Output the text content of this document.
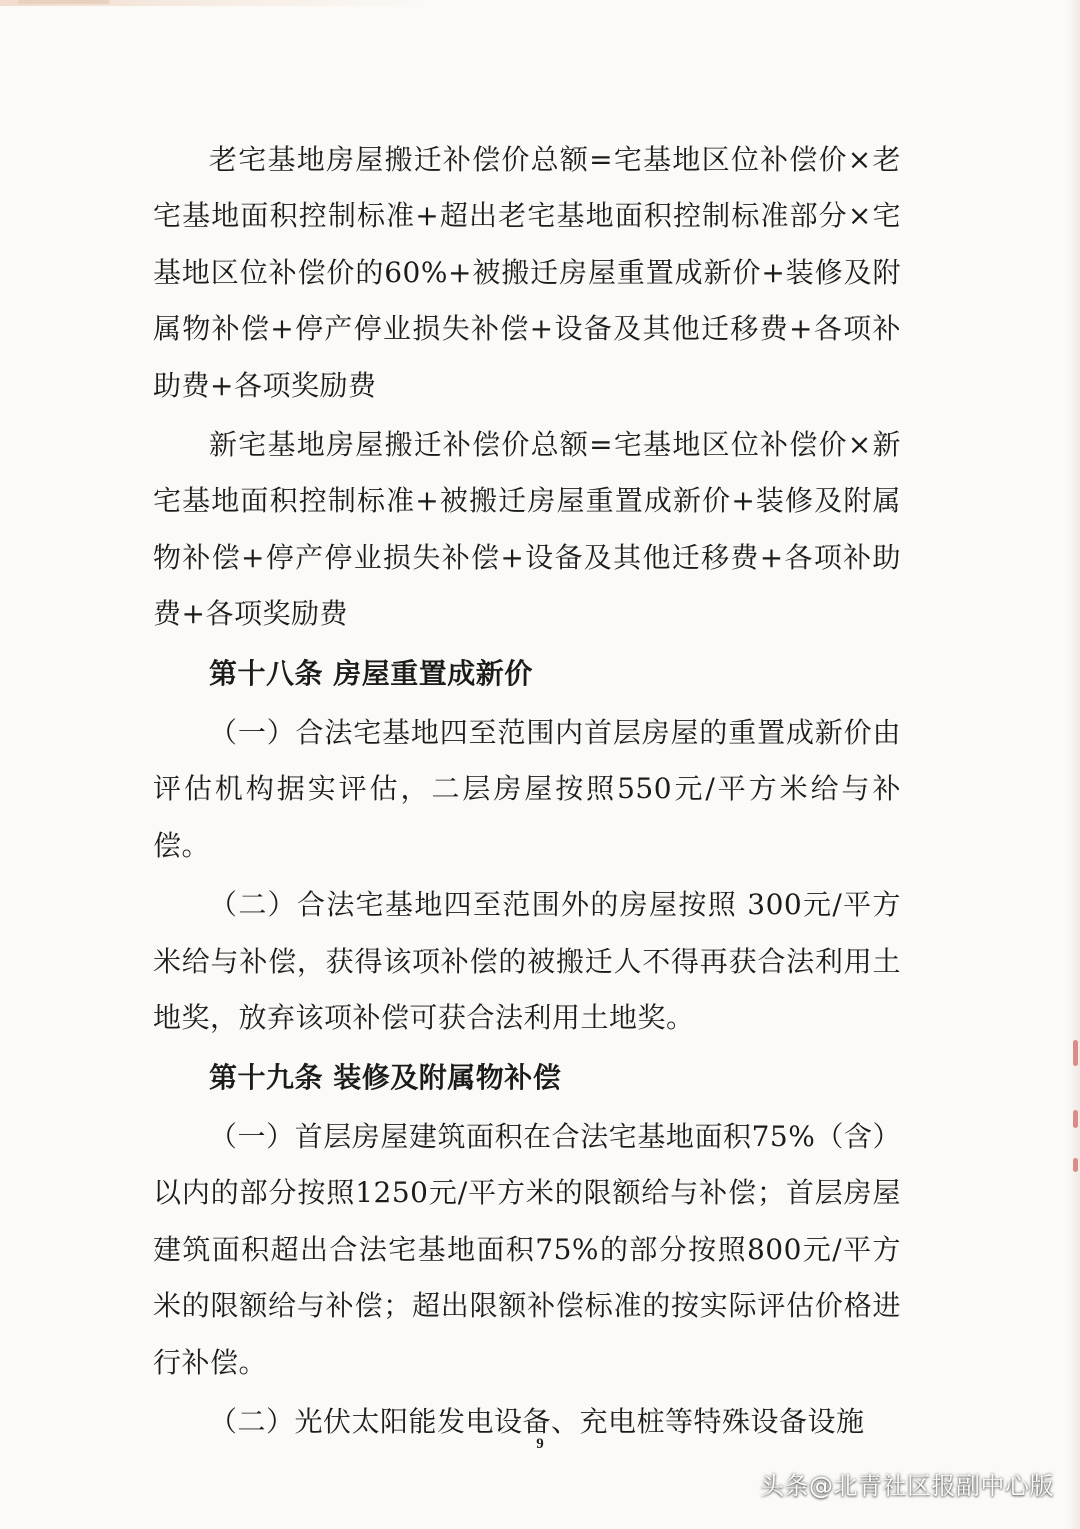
老宅基地房屋搬迁补偿价总额=宅基地区位补偿价×老宅基地面积控制标准+超出老宅基地面积控制标准部分×宅基地区位补偿价的60%+被搬迁房屋重置成新价+装修及附属物补偿+停产停业损失补偿+设备及其他迁移费+各项补助费+各项奖励费

新宅基地房屋搬迁补偿价总额=宅基地区位补偿价×新宅基地面积控制标准+被搬迁房屋重置成新价+装修及附属物补偿+停产停业损失补偿+设备及其他迁移费+各项补助费+各项奖励费

第十八条 房屋重置成新价

（一）合法宅基地四至范围内首层房屋的重置成新价由评估机构据实评估，二层房屋按照550元/平方米给与补偿。

（二）合法宅基地四至范围外的房屋按照 300元/平方米给与补偿，获得该项补偿的被搬迁人不得再获合法利用土地奖，放弃该项补偿可获合法利用土地奖。

第十九条 装修及附属物补偿

（一）首层房屋建筑面积在合法宅基地面积75%（含）以内的部分按照1250元/平方米的限额给与补偿；首层房屋建筑面积超出合法宅基地面积75%的部分按照800元/平方米的限额给与补偿；超出限额补偿标准的按实际评估价格进行补偿。

（二）光伏太阳能发电设备、充电桩等特殊设备设施

9
头条 @北青社区报副中心版
